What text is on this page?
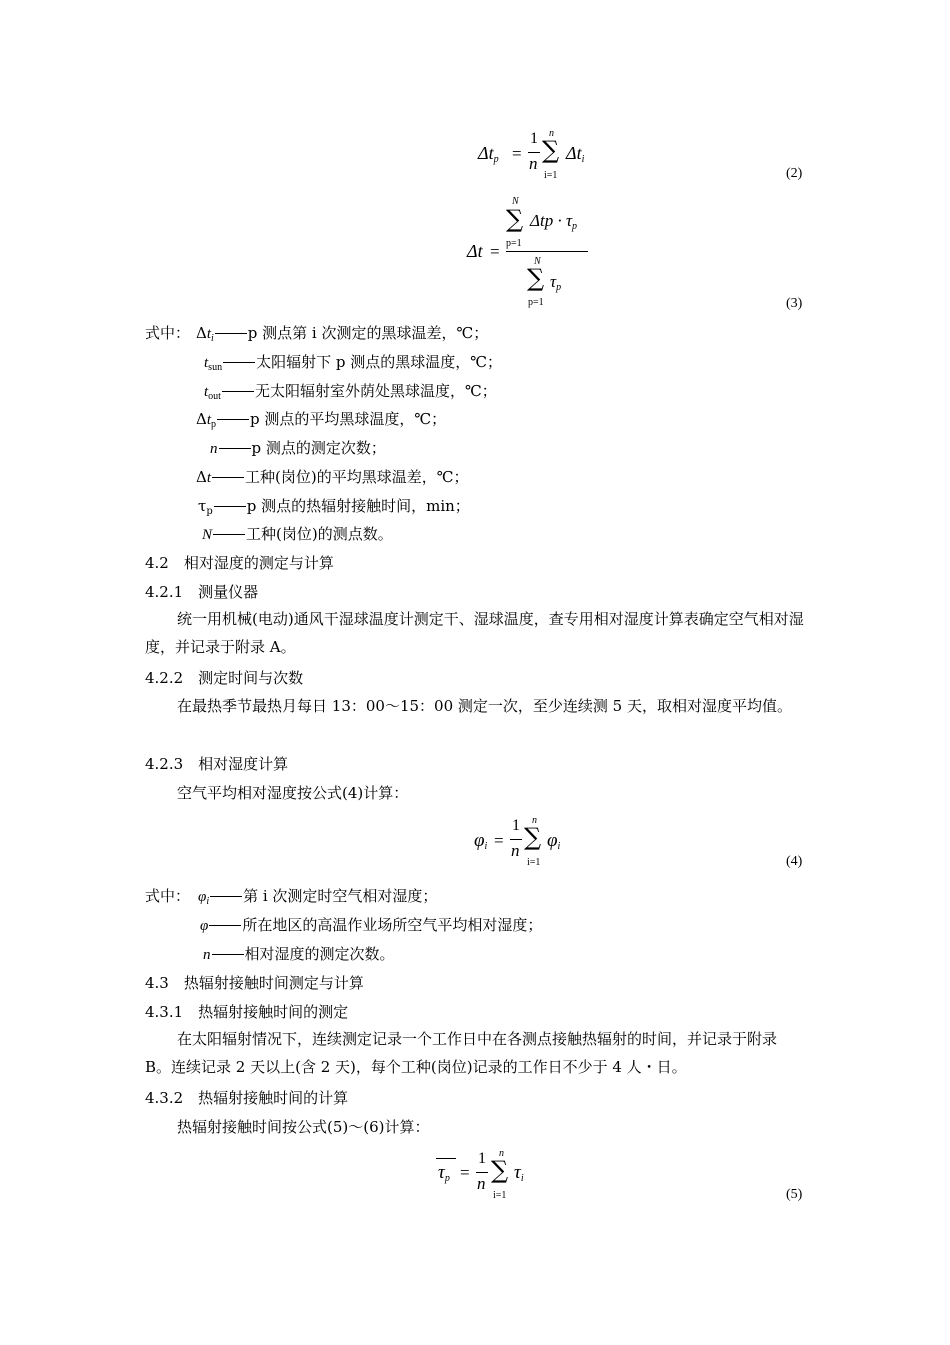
$\Delta t_p$ =
1
n
n
∑
i=1
$\Delta t_i$
(2)
Δt =
N
∑
p=1
$\Delta tp \cdot \tau_p$
N
∑
p=1
$\tau_p$
(3)
式中： $\Delta t_i$ p 测点第 i 次测定的黑球温差，℃；
$t_{sun}$ 太阳辐射下 p 测点的黑球温度，℃；
$t_{out}$ 无太阳辐射室外荫处黑球温度，℃；
$\Delta t_p$ p 测点的平均黑球温度，℃；
n p 测点的测定次数；
Δt 工种(岗位)的平均黑球温差，℃；
$\tau_p$ p 测点的热辐射接触时间，min；
N 工种(岗位)的测点数。
4.2　相对湿度的测定与计算
4.2.1　测量仪器
统一用机械(电动)通风干湿球温度计测定干、湿球温度，查专用相对湿度计算表确定空气相对湿度，并记录于附录 A。
4.2.2　测定时间与次数
在最热季节最热月每日 13：00～15：00 测定一次，至少连续测 5 天，取相对湿度平均值。
4.2.3　相对湿度计算
空气平均相对湿度按公式(4)计算：
$\varphi_i$ =
1
n
n
∑
i=1
$\varphi_i$
(4)
式中： $\varphi_i$ 第 i 次测定时空气相对湿度；
φ 所在地区的高温作业场所空气平均相对湿度；
n 相对湿度的测定次数。
4.3　热辐射接触时间测定与计算
4.3.1　热辐射接触时间的测定
在太阳辐射情况下，连续测定记录一个工作日中在各测点接触热辐射的时间，并记录于附录 B。连续记录 2 天以上(含 2 天)，每个工种(岗位)记录的工作日不少于 4 人・日。
4.3.2　热辐射接触时间的计算
热辐射接触时间按公式(5)～(6)计算：
$\tau_p$ =
1
n
n
∑
i=1
$\tau_i$
(5)
